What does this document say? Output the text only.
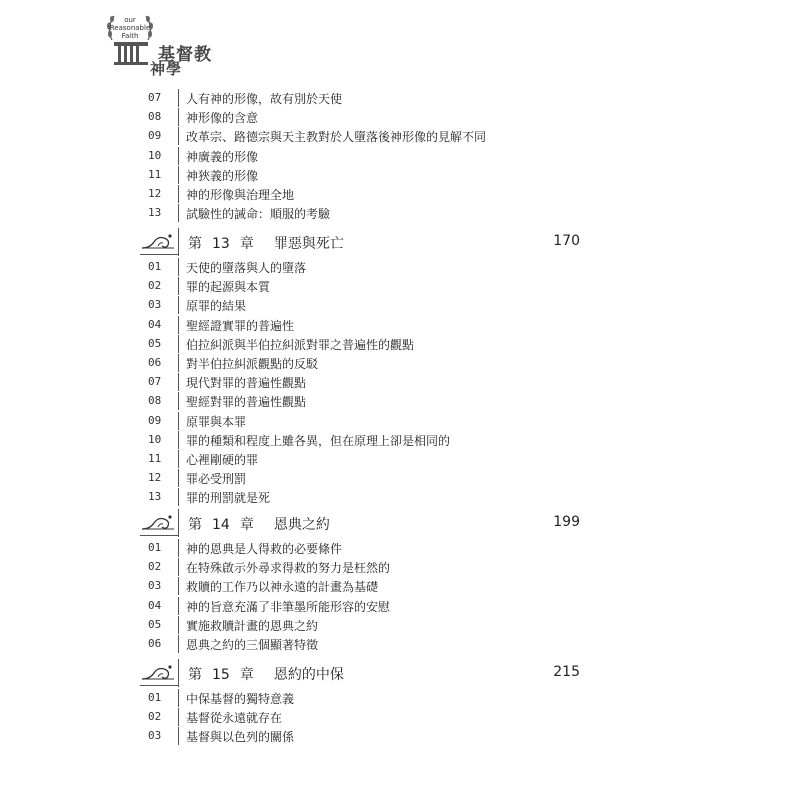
our
Reasonable
Faith
基督教
神學
07	人有神的形像，故有別於天使
08	神形像的含意
09	改革宗、路德宗與天主教對於人墮落後神形像的見解不同
10	神廣義的形像
11	神狹義的形像
12	神的形像與治理全地
13	試驗性的誡命：順服的考驗
第 13 章 罪惡與死亡	170
01	天使的墮落與人的墮落
02	罪的起源與本質
03	原罪的結果
04	聖經證實罪的普遍性
05	伯拉糾派與半伯拉糾派對罪之普遍性的觀點
06	對半伯拉糾派觀點的反駁
07	現代對罪的普遍性觀點
08	聖經對罪的普遍性觀點
09	原罪與本罪
10	罪的種類和程度上雖各異，但在原理上卻是相同的
11	心裡剛硬的罪
12	罪必受刑罰
13	罪的刑罰就是死
第 14 章 恩典之約	199
01	神的恩典是人得救的必要條件
02	在特殊啟示外尋求得救的努力是枉然的
03	救贖的工作乃以神永遠的計畫為基礎
04	神的旨意充滿了非筆墨所能形容的安慰
05	實施救贖計畫的恩典之約
06	恩典之約的三個顯著特徵
第 15 章 恩約的中保	215
01	中保基督的獨特意義
02	基督從永遠就存在
03	基督與以色列的關係
